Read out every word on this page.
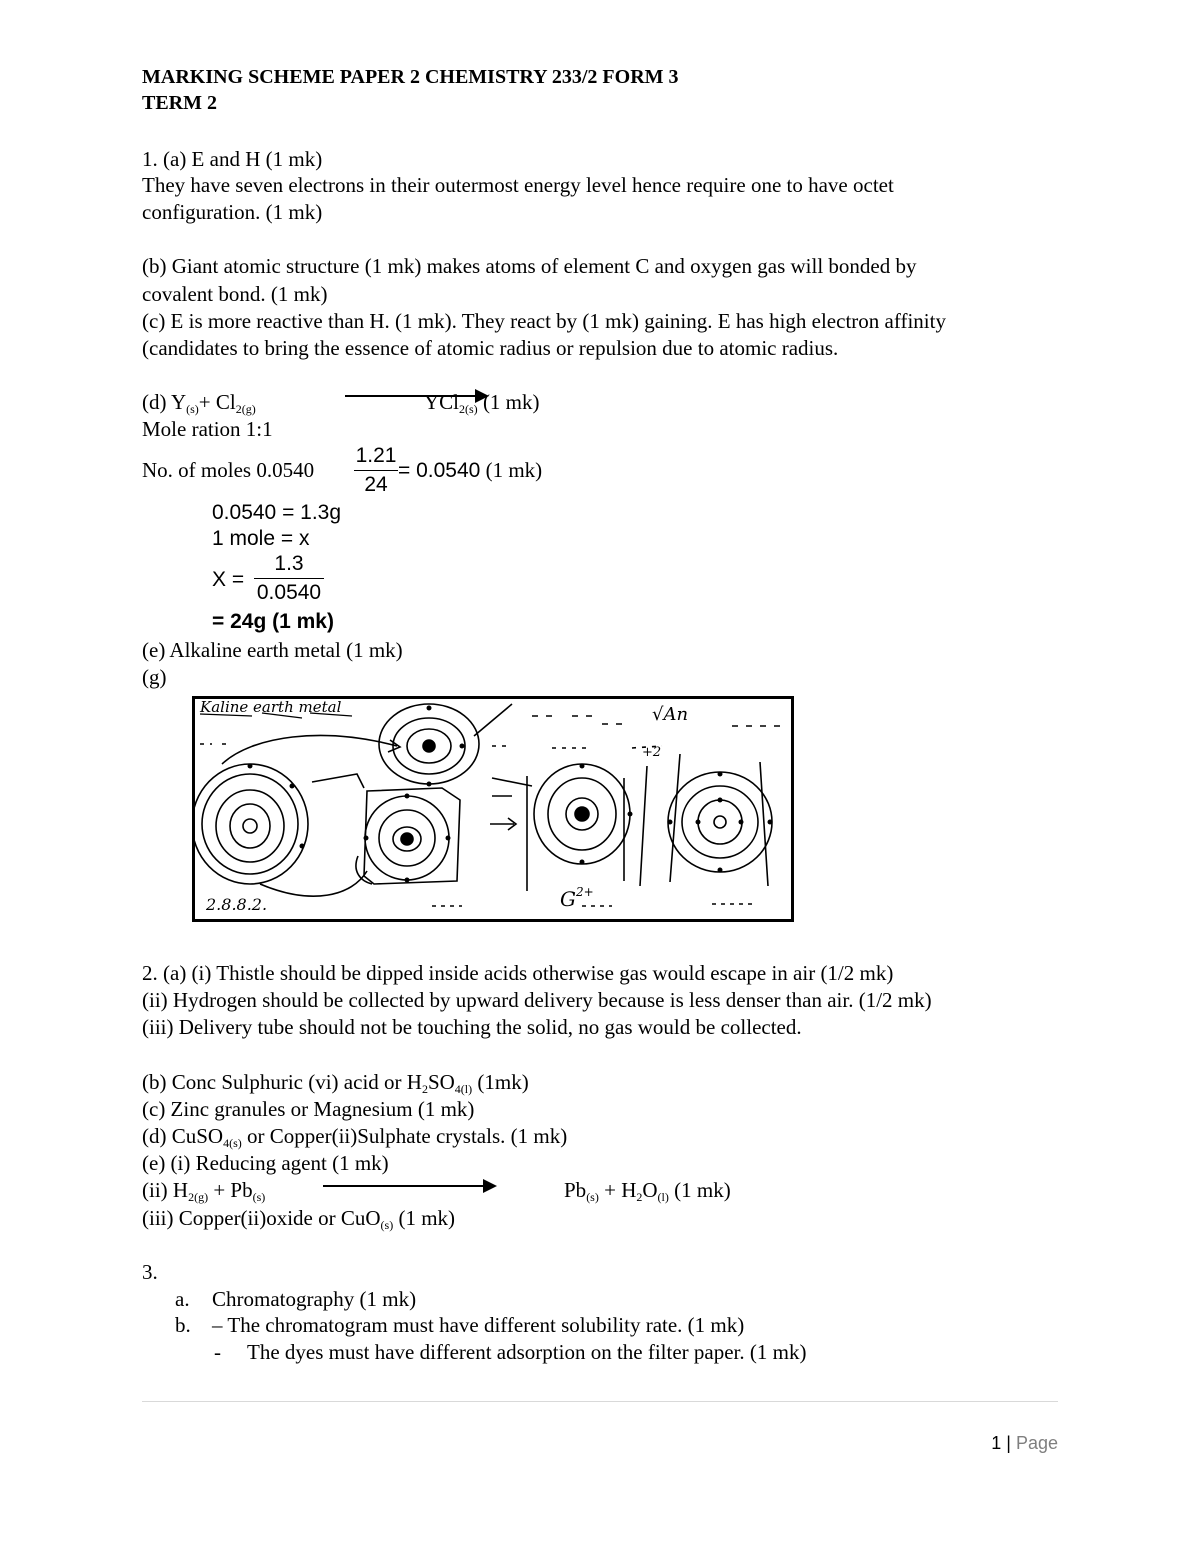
MARKING SCHEME PAPER 2 CHEMISTRY 233/2 FORM 3
TERM 2
1. (a) E and H (1 mk)
They have seven electrons in their outermost energy level hence require one to have octet
configuration. (1 mk)
(b) Giant atomic structure (1 mk) makes atoms of element C and oxygen gas will bonded by
covalent bond. (1 mk)
(c) E is more reactive than H. (1 mk). They react by (1 mk) gaining. E has high electron affinity
(candidates to bring the essence of atomic radius or repulsion due to atomic radius.
(d) $Y_{(s)}+ Cl_{2(g)}$	YCl$_{2(s)}$ (1 mk)
Mole ration 1:1
No. of moles 0.0540
1.21
24
= 0.0540 (1 mk)
0.0540 = 1.3g
1 mole = x
X =
1.3
0.0540
= 24g (1 mk)
(e) Alkaline earth metal (1 mk)
(g)
Kaline earth metal	√An
+2
2.8.8.2.	$G^{2+}$
2. (a) (i) Thistle should be dipped inside acids otherwise gas would escape in air (1/2 mk)
(ii) Hydrogen should be collected by upward delivery because is less denser than air. (1/2 mk)
(iii) Delivery tube should not be touching the solid, no gas would be collected.
(b) Conc Sulphuric (vi) acid or $H_2SO_{4(l)}$ (1mk)
(c) Zinc granules or Magnesium (1 mk)
(d) CuSO$_{4(s)}$ or Copper(ii)Sulphate crystals. (1 mk)
(e) (i) Reducing agent (1 mk)
(ii) $H_{2(g)} + Pb_{(s)}$	$Pb_{(s)} + H_2O_{(l)}$ (1 mk)
(iii) Copper(ii)oxide or CuO$_{(s)}$ (1 mk)
3.
a. Chromatography (1 mk)
b. – The chromatogram must have different solubility rate. (1 mk)
- The dyes must have different adsorption on the filter paper. (1 mk)
1 | Page
